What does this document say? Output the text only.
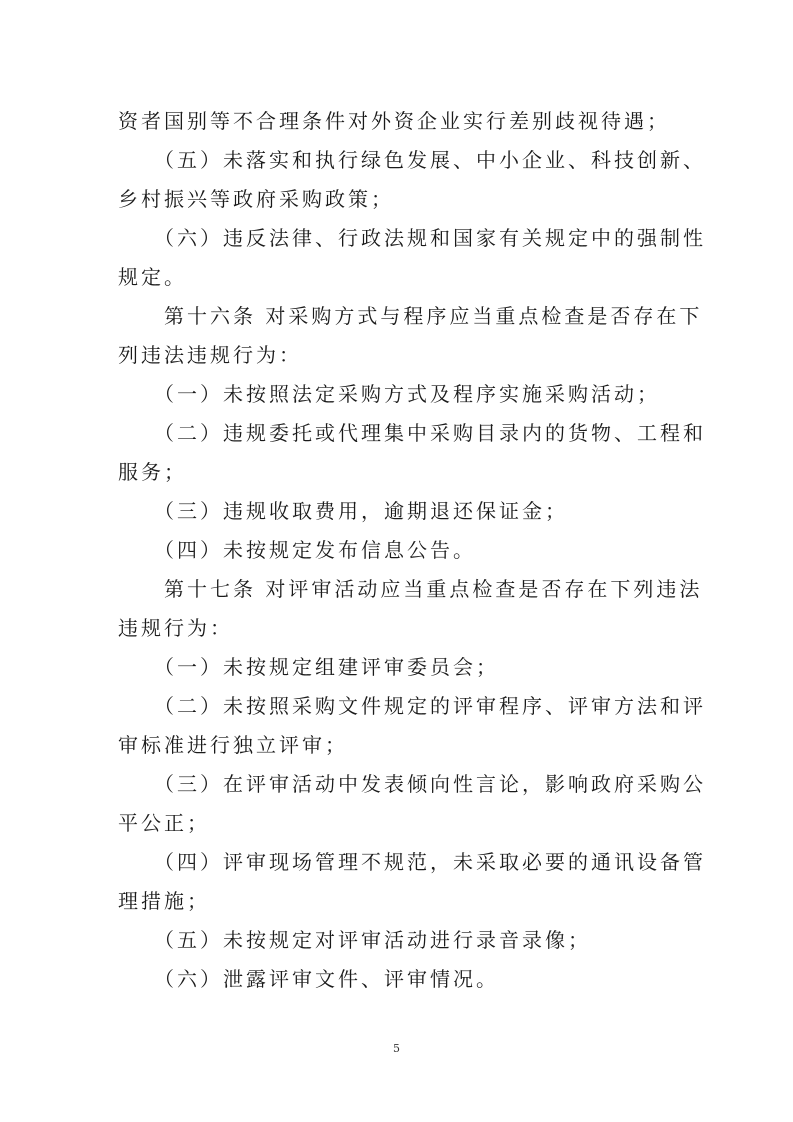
资者国别等不合理条件对外资企业实行差别歧视待遇；
　　（五）未落实和执行绿色发展、中小企业、科技创新、
乡村振兴等政府采购政策；
　　（六）违反法律、行政法规和国家有关规定中的强制性
规定。
　　第十六条 对采购方式与程序应当重点检查是否存在下
列违法违规行为：
　　（一）未按照法定采购方式及程序实施采购活动；
　　（二）违规委托或代理集中采购目录内的货物、工程和
服务；
　　（三）违规收取费用，逾期退还保证金；
　　（四）未按规定发布信息公告。
　　第十七条 对评审活动应当重点检查是否存在下列违法
违规行为：
　　（一）未按规定组建评审委员会；
　　（二）未按照采购文件规定的评审程序、评审方法和评
审标准进行独立评审；
　　（三）在评审活动中发表倾向性言论，影响政府采购公
平公正；
　　（四）评审现场管理不规范，未采取必要的通讯设备管
5
理措施；
　　（五）未按规定对评审活动进行录音录像；
　　（六）泄露评审文件、评审情况。
